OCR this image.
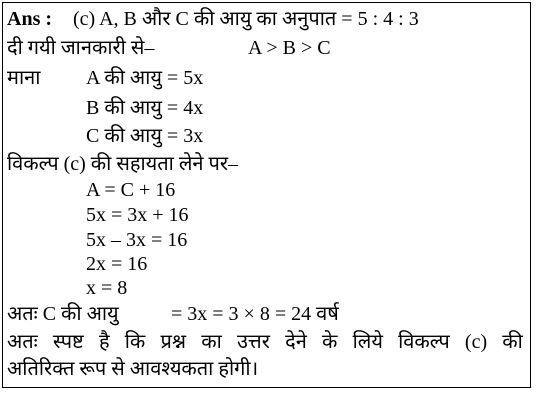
Ans : (c) A, B और C की आयु का अनुपात = 5 : 4 : 3
दी गयी जानकारी से–	A > B > C
माना A की आयु = 5x
B की आयु = 4x
C की आयु = 3x
विकल्प (c) की सहायता लेने पर–
A = C + 16
5x = 3x + 16
5x – 3x = 16
2x = 16
x = 8
अतः C की आयु	= 3x = 3 × 8 = 24 वर्ष
अतः स्पष्ट है कि प्रश्न का उत्तर देने के लिये विकल्प (c) की
अतिरिक्त रूप से आवश्यकता होगी।
